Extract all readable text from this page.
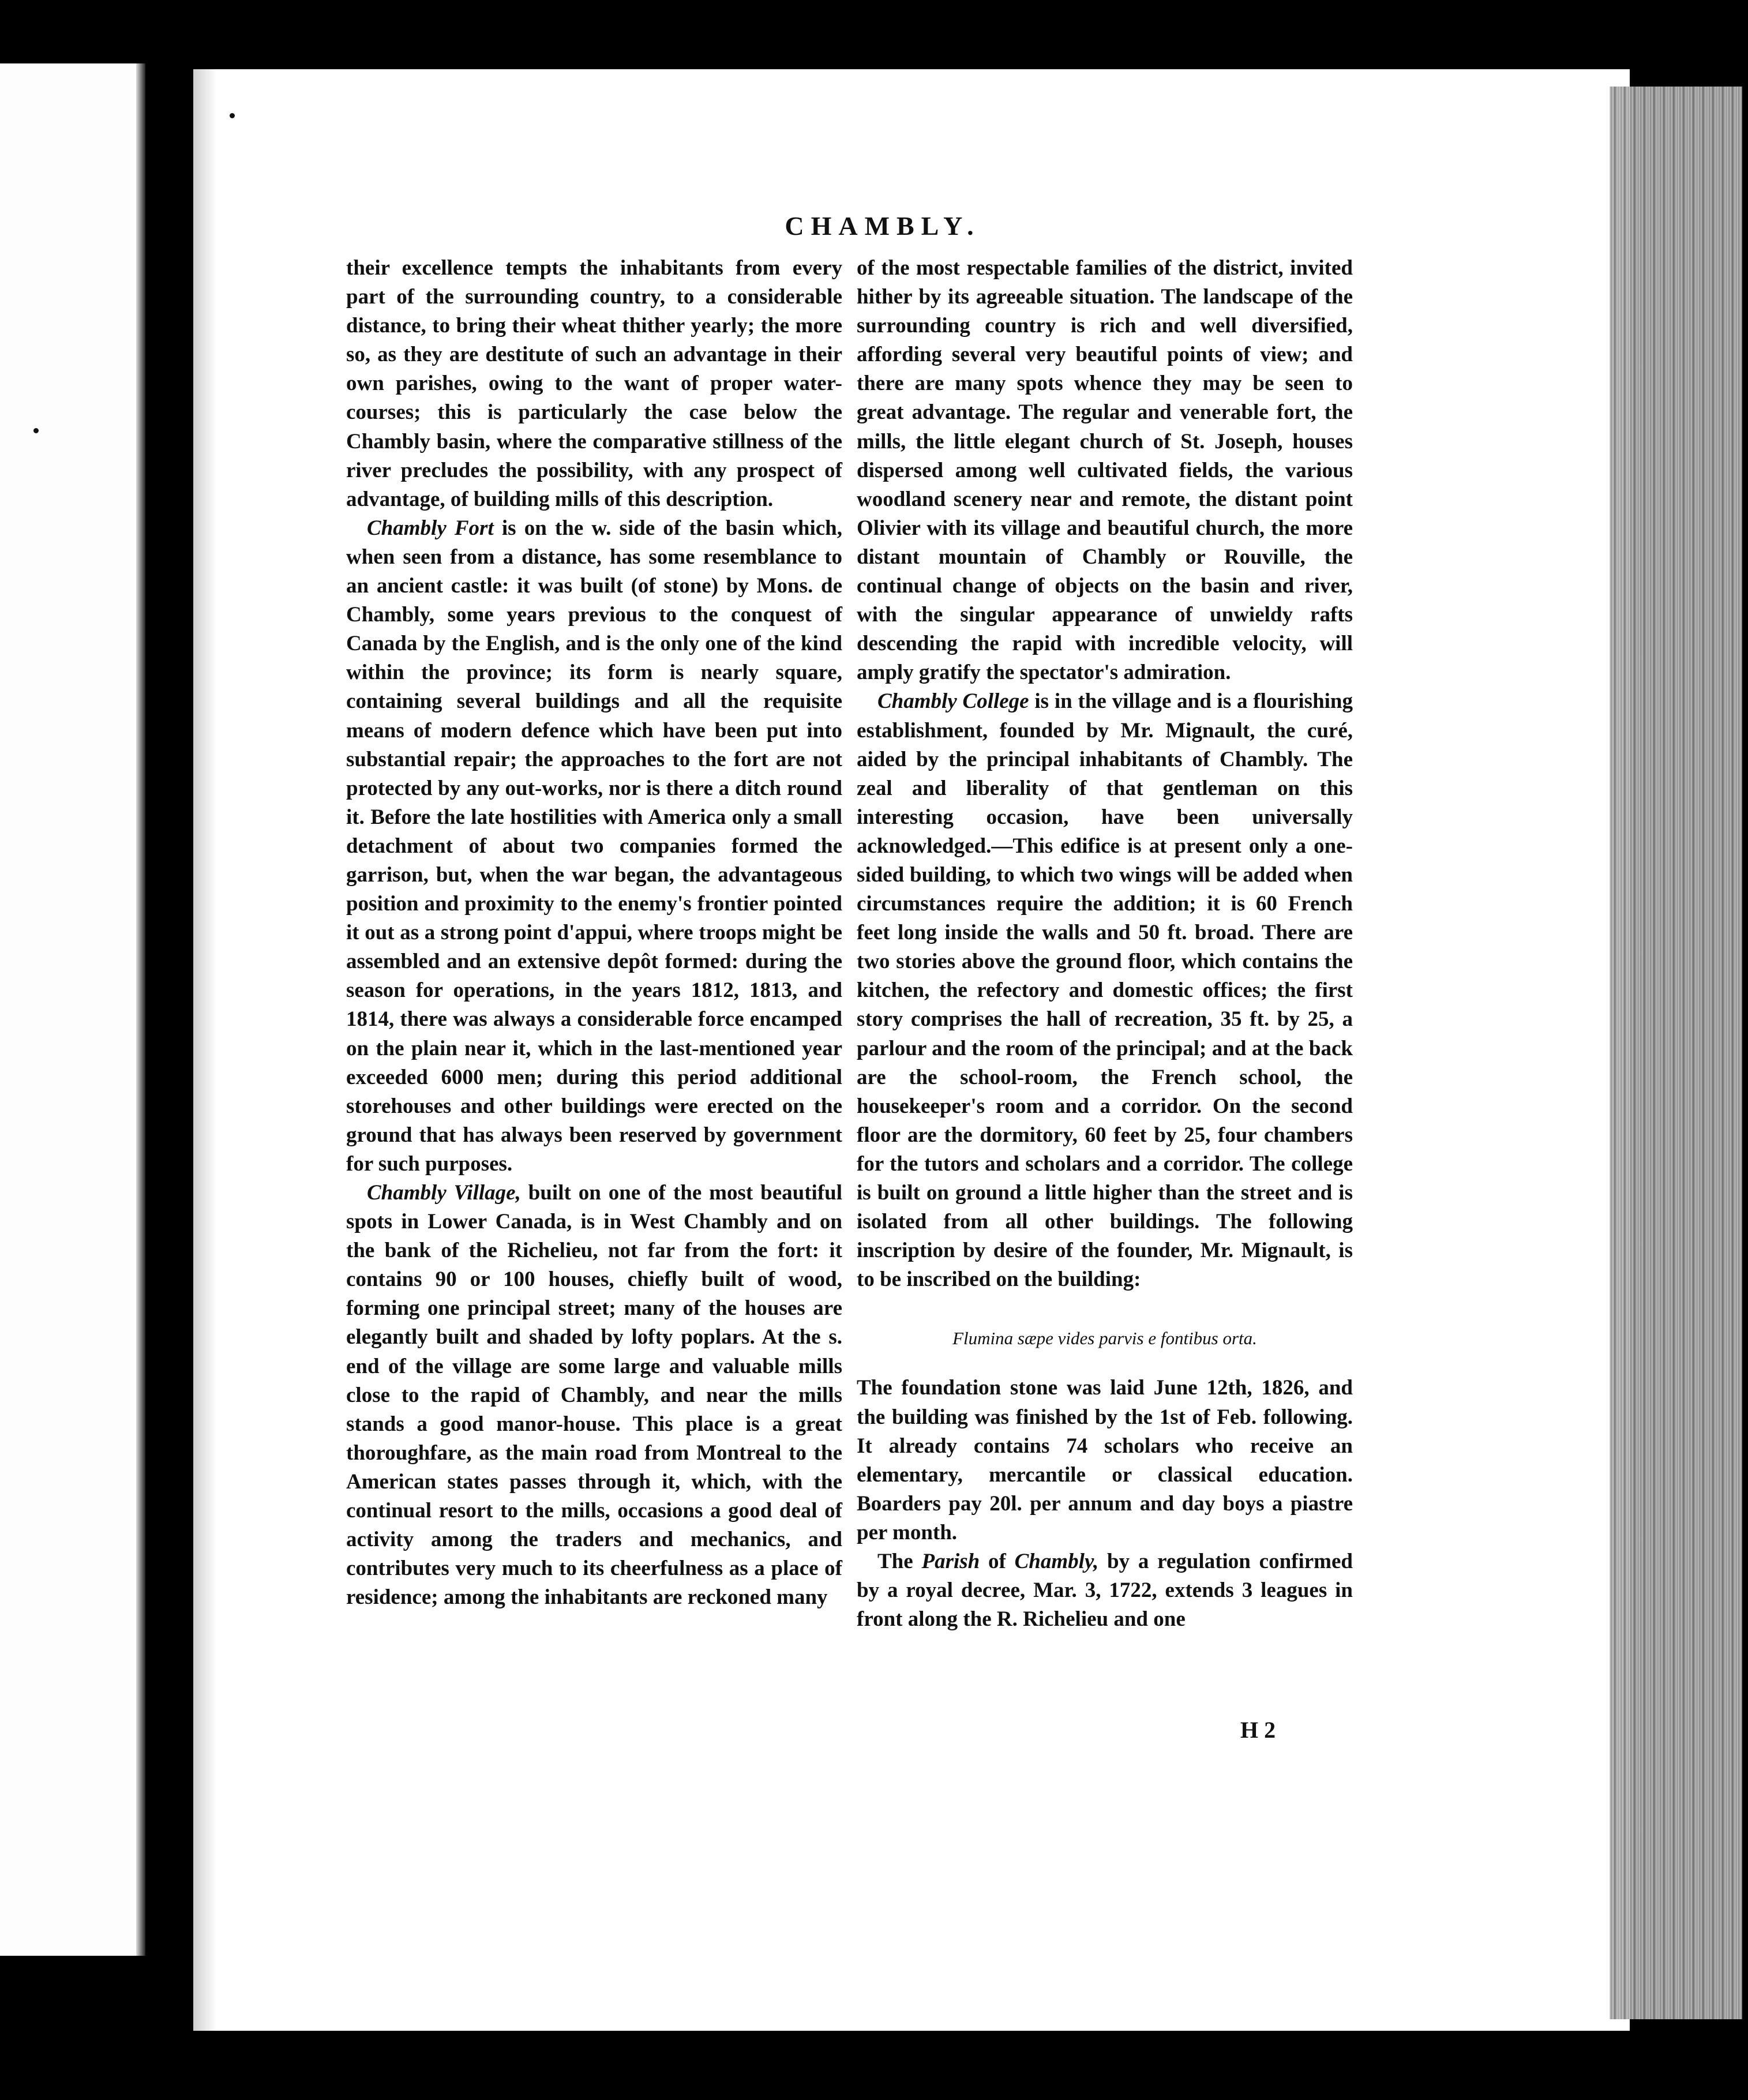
CHAMBLY.

their excellence tempts the inhabitants from every part of the surrounding country, to a considerable distance, to bring their wheat thither yearly; the more so, as they are destitute of such an advantage in their own parishes, owing to the want of proper water-courses; this is particularly the case below the Chambly basin, where the comparative stillness of the river precludes the possibility, with any prospect of advantage, of building mills of this description.

Chambly Fort is on the w. side of the basin which, when seen from a distance, has some resemblance to an ancient castle: it was built (of stone) by Mons. de Chambly, some years previous to the conquest of Canada by the English, and is the only one of the kind within the province; its form is nearly square, containing several buildings and all the requisite means of modern defence which have been put into substantial repair; the approaches to the fort are not protected by any out-works, nor is there a ditch round it. Before the late hostilities with America only a small detachment of about two companies formed the garrison, but, when the war began, the advantageous position and proximity to the enemy's frontier pointed it out as a strong point d'appui, where troops might be assembled and an extensive depôt formed: during the season for operations, in the years 1812, 1813, and 1814, there was always a considerable force encamped on the plain near it, which in the last-mentioned year exceeded 6000 men; during this period additional storehouses and other buildings were erected on the ground that has always been reserved by government for such purposes.

Chambly Village, built on one of the most beautiful spots in Lower Canada, is in West Chambly and on the bank of the Richelieu, not far from the fort: it contains 90 or 100 houses, chiefly built of wood, forming one principal street; many of the houses are elegantly built and shaded by lofty poplars. At the s. end of the village are some large and valuable mills close to the rapid of Chambly, and near the mills stands a good manor-house. This place is a great thoroughfare, as the main road from Montreal to the American states passes through it, which, with the continual resort to the mills, occasions a good deal of activity among the traders and mechanics, and contributes very much to its cheerfulness as a place of residence; among the inhabitants are reckoned many

of the most respectable families of the district, invited hither by its agreeable situation. The landscape of the surrounding country is rich and well diversified, affording several very beautiful points of view; and there are many spots whence they may be seen to great advantage. The regular and venerable fort, the mills, the little elegant church of St. Joseph, houses dispersed among well cultivated fields, the various woodland scenery near and remote, the distant point Olivier with its village and beautiful church, the more distant mountain of Chambly or Rouville, the continual change of objects on the basin and river, with the singular appearance of unwieldy rafts descending the rapid with incredible velocity, will amply gratify the spectator's admiration.

Chambly College is in the village and is a flourishing establishment, founded by Mr. Mignault, the curé, aided by the principal inhabitants of Chambly. The zeal and liberality of that gentleman on this interesting occasion, have been universally acknowledged.—This edifice is at present only a one-sided building, to which two wings will be added when circumstances require the addition; it is 60 French feet long inside the walls and 50 ft. broad. There are two stories above the ground floor, which contains the kitchen, the refectory and domestic offices; the first story comprises the hall of recreation, 35 ft. by 25, a parlour and the room of the principal; and at the back are the school-room, the French school, the housekeeper's room and a corridor. On the second floor are the dormitory, 60 feet by 25, four chambers for the tutors and scholars and a corridor. The college is built on ground a little higher than the street and is isolated from all other buildings. The following inscription by desire of the founder, Mr. Mignault, is to be inscribed on the building:

Flumina sæpe vides parvis e fontibus orta.

The foundation stone was laid June 12th, 1826, and the building was finished by the 1st of Feb. following. It already contains 74 scholars who receive an elementary, mercantile or classical education. Boarders pay 20l. per annum and day boys a piastre per month.

The Parish of Chambly, by a regulation confirmed by a royal decree, Mar. 3, 1722, extends 3 leagues in front along the R. Richelieu and one

H 2
